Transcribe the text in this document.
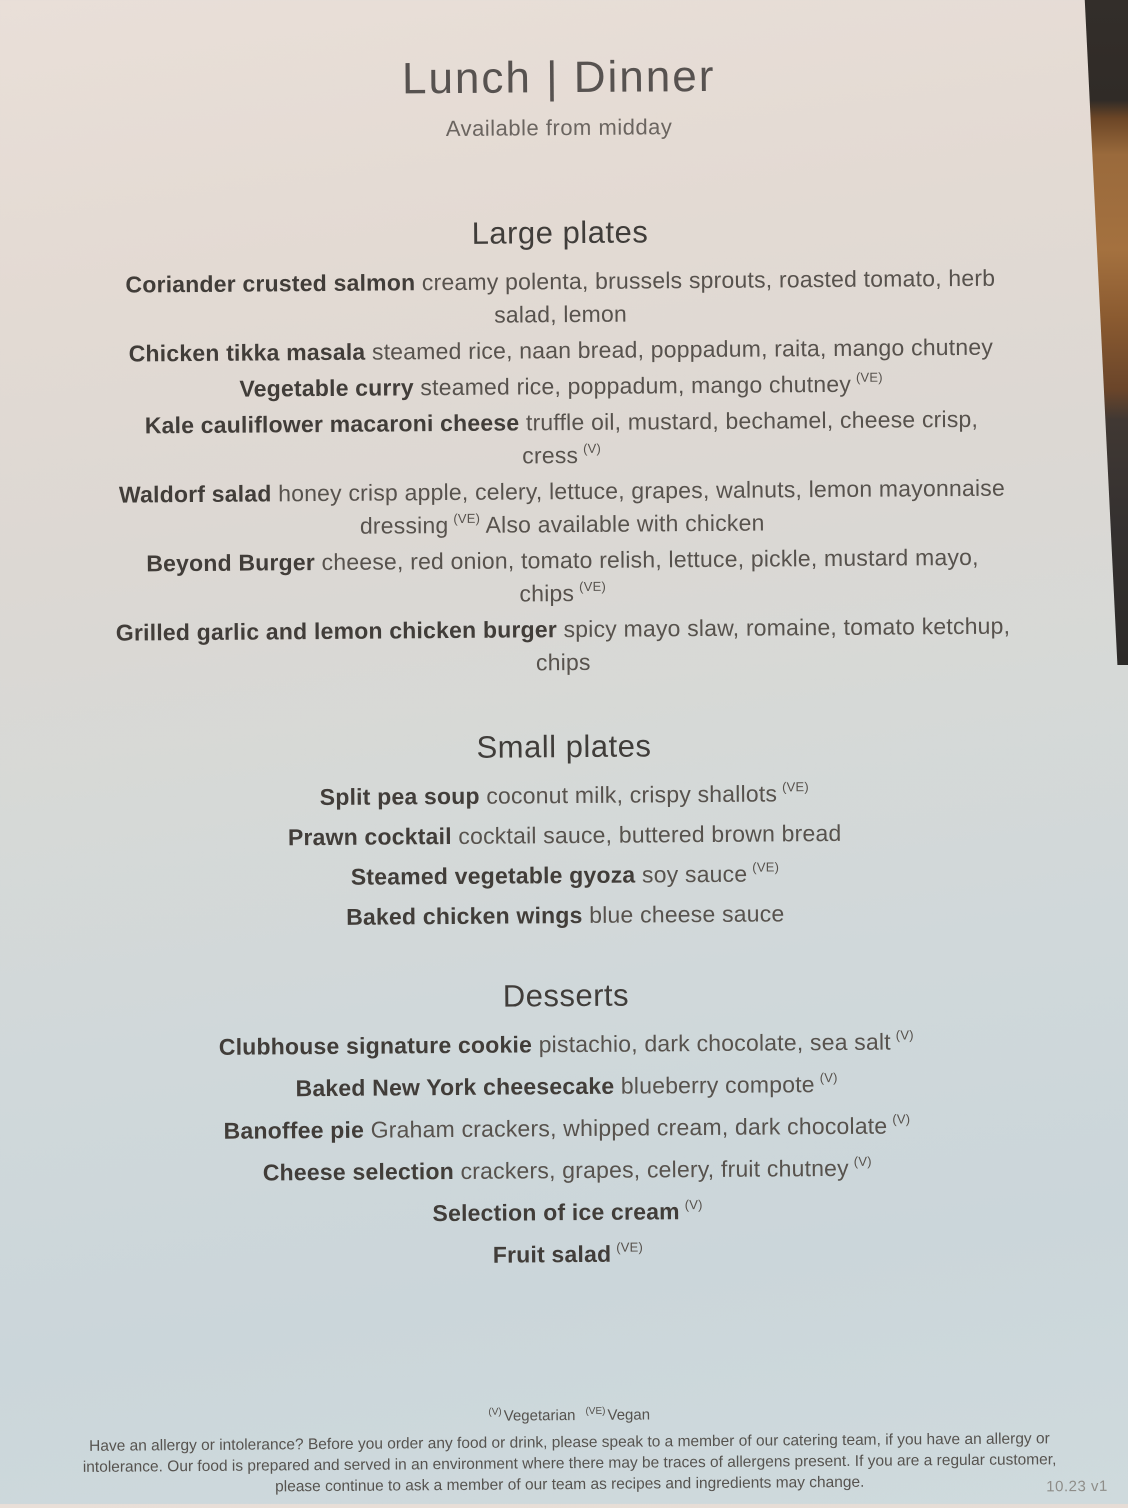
Lunch | Dinner

Available from midday

Large plates

Coriander crusted salmon creamy polenta, brussels sprouts, roasted tomato, herb salad, lemon

Chicken tikka masala steamed rice, naan bread, poppadum, raita, mango chutney

Vegetable curry steamed rice, poppadum, mango chutney $^{(VE)}$

Kale cauliflower macaroni cheese truffle oil, mustard, bechamel, cheese crisp, cress $^{(V)}$

Waldorf salad honey crisp apple, celery, lettuce, grapes, walnuts, lemon mayonnaise dressing $^{(VE)}$ Also available with chicken

Beyond Burger cheese, red onion, tomato relish, lettuce, pickle, mustard mayo, chips $^{(VE)}$

Grilled garlic and lemon chicken burger spicy mayo slaw, romaine, tomato ketchup, chips

Small plates

Split pea soup coconut milk, crispy shallots $^{(VE)}$

Prawn cocktail cocktail sauce, buttered brown bread

Steamed vegetable gyoza soy sauce $^{(VE)}$

Baked chicken wings blue cheese sauce

Desserts

Clubhouse signature cookie pistachio, dark chocolate, sea salt $^{(V)}$

Baked New York cheesecake blueberry compote $^{(V)}$

Banoffee pie Graham crackers, whipped cream, dark chocolate $^{(V)}$

Cheese selection crackers, grapes, celery, fruit chutney $^{(V)}$

Selection of ice cream $^{(V)}$

Fruit salad $^{(VE)}$

$^{(V)}$ Vegetarian $^{(VE)}$ Vegan

Have an allergy or intolerance? Before you order any food or drink, please speak to a member of our catering team, if you have an allergy or intolerance. Our food is prepared and served in an environment where there may be traces of allergens present. If you are a regular customer, please continue to ask a member of our team as recipes and ingredients may change.	10.23 v1
